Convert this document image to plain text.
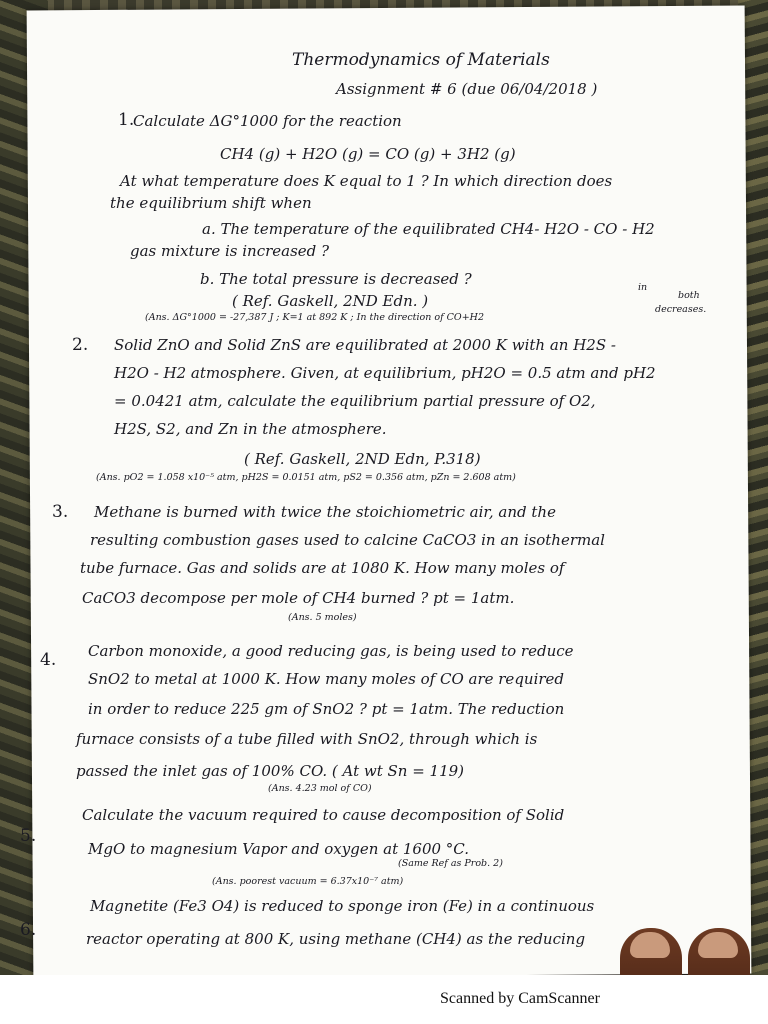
Thermodynamics of Materials
Assignment # 6 (due 06/04/2018 )
1.
Calculate ΔG°1000 for the reaction
CH4 (g) + H2O (g) = CO (g) + 3H2 (g)
At what temperature does K equal to 1 ? In which direction does
the equilibrium shift when
a. The temperature of the equilibrated CH4- H2O - CO - H2
gas mixture is increased ?
b. The total pressure is decreased ?
( Ref. Gaskell, 2ND Edn. )
in
both
(Ans. ΔG°1000 = -27,387 J ; K=1 at 892 K ; In the direction of CO+H2
decreases.
2. Solid ZnO and Solid ZnS are equilibrated at 2000 K with an H2S -
H2O - H2 atmosphere. Given, at equilibrium, pH2O = 0.5 atm and pH2
= 0.0421 atm, calculate the equilibrium partial pressure of O2,
H2S, S2, and Zn in the atmosphere.
( Ref. Gaskell, 2ND Edn, P.318)
(Ans. pO2 = 1.058 x10⁻⁵ atm, pH2S = 0.0151 atm, pS2 = 0.356 atm, pZn = 2.608 atm)
3. Methane is burned with twice the stoichiometric air, and the
resulting combustion gases used to calcine CaCO3 in an isothermal
tube furnace. Gas and solids are at 1080 K. How many moles of
CaCO3 decompose per mole of CH4 burned ? pt = 1atm.
(Ans. 5 moles)
4. Carbon monoxide, a good reducing gas, is being used to reduce
SnO2 to metal at 1000 K. How many moles of CO are required
in order to reduce 225 gm of SnO2 ? pt = 1atm. The reduction
furnace consists of a tube filled with SnO2, through which is
passed the inlet gas of 100% CO. ( At wt Sn = 119)
(Ans. 4.23 mol of CO)
5.
Calculate the vacuum required to cause decomposition of Solid
MgO to magnesium Vapor and oxygen at 1600 °C.
(Same Ref as Prob. 2)
(Ans. poorest vacuum = 6.37x10⁻⁷ atm)
6.
Magnetite (Fe3 O4) is reduced to sponge iron (Fe) in a continuous
reactor operating at 800 K, using methane (CH4) as the reducing
Scanned by CamScanner
